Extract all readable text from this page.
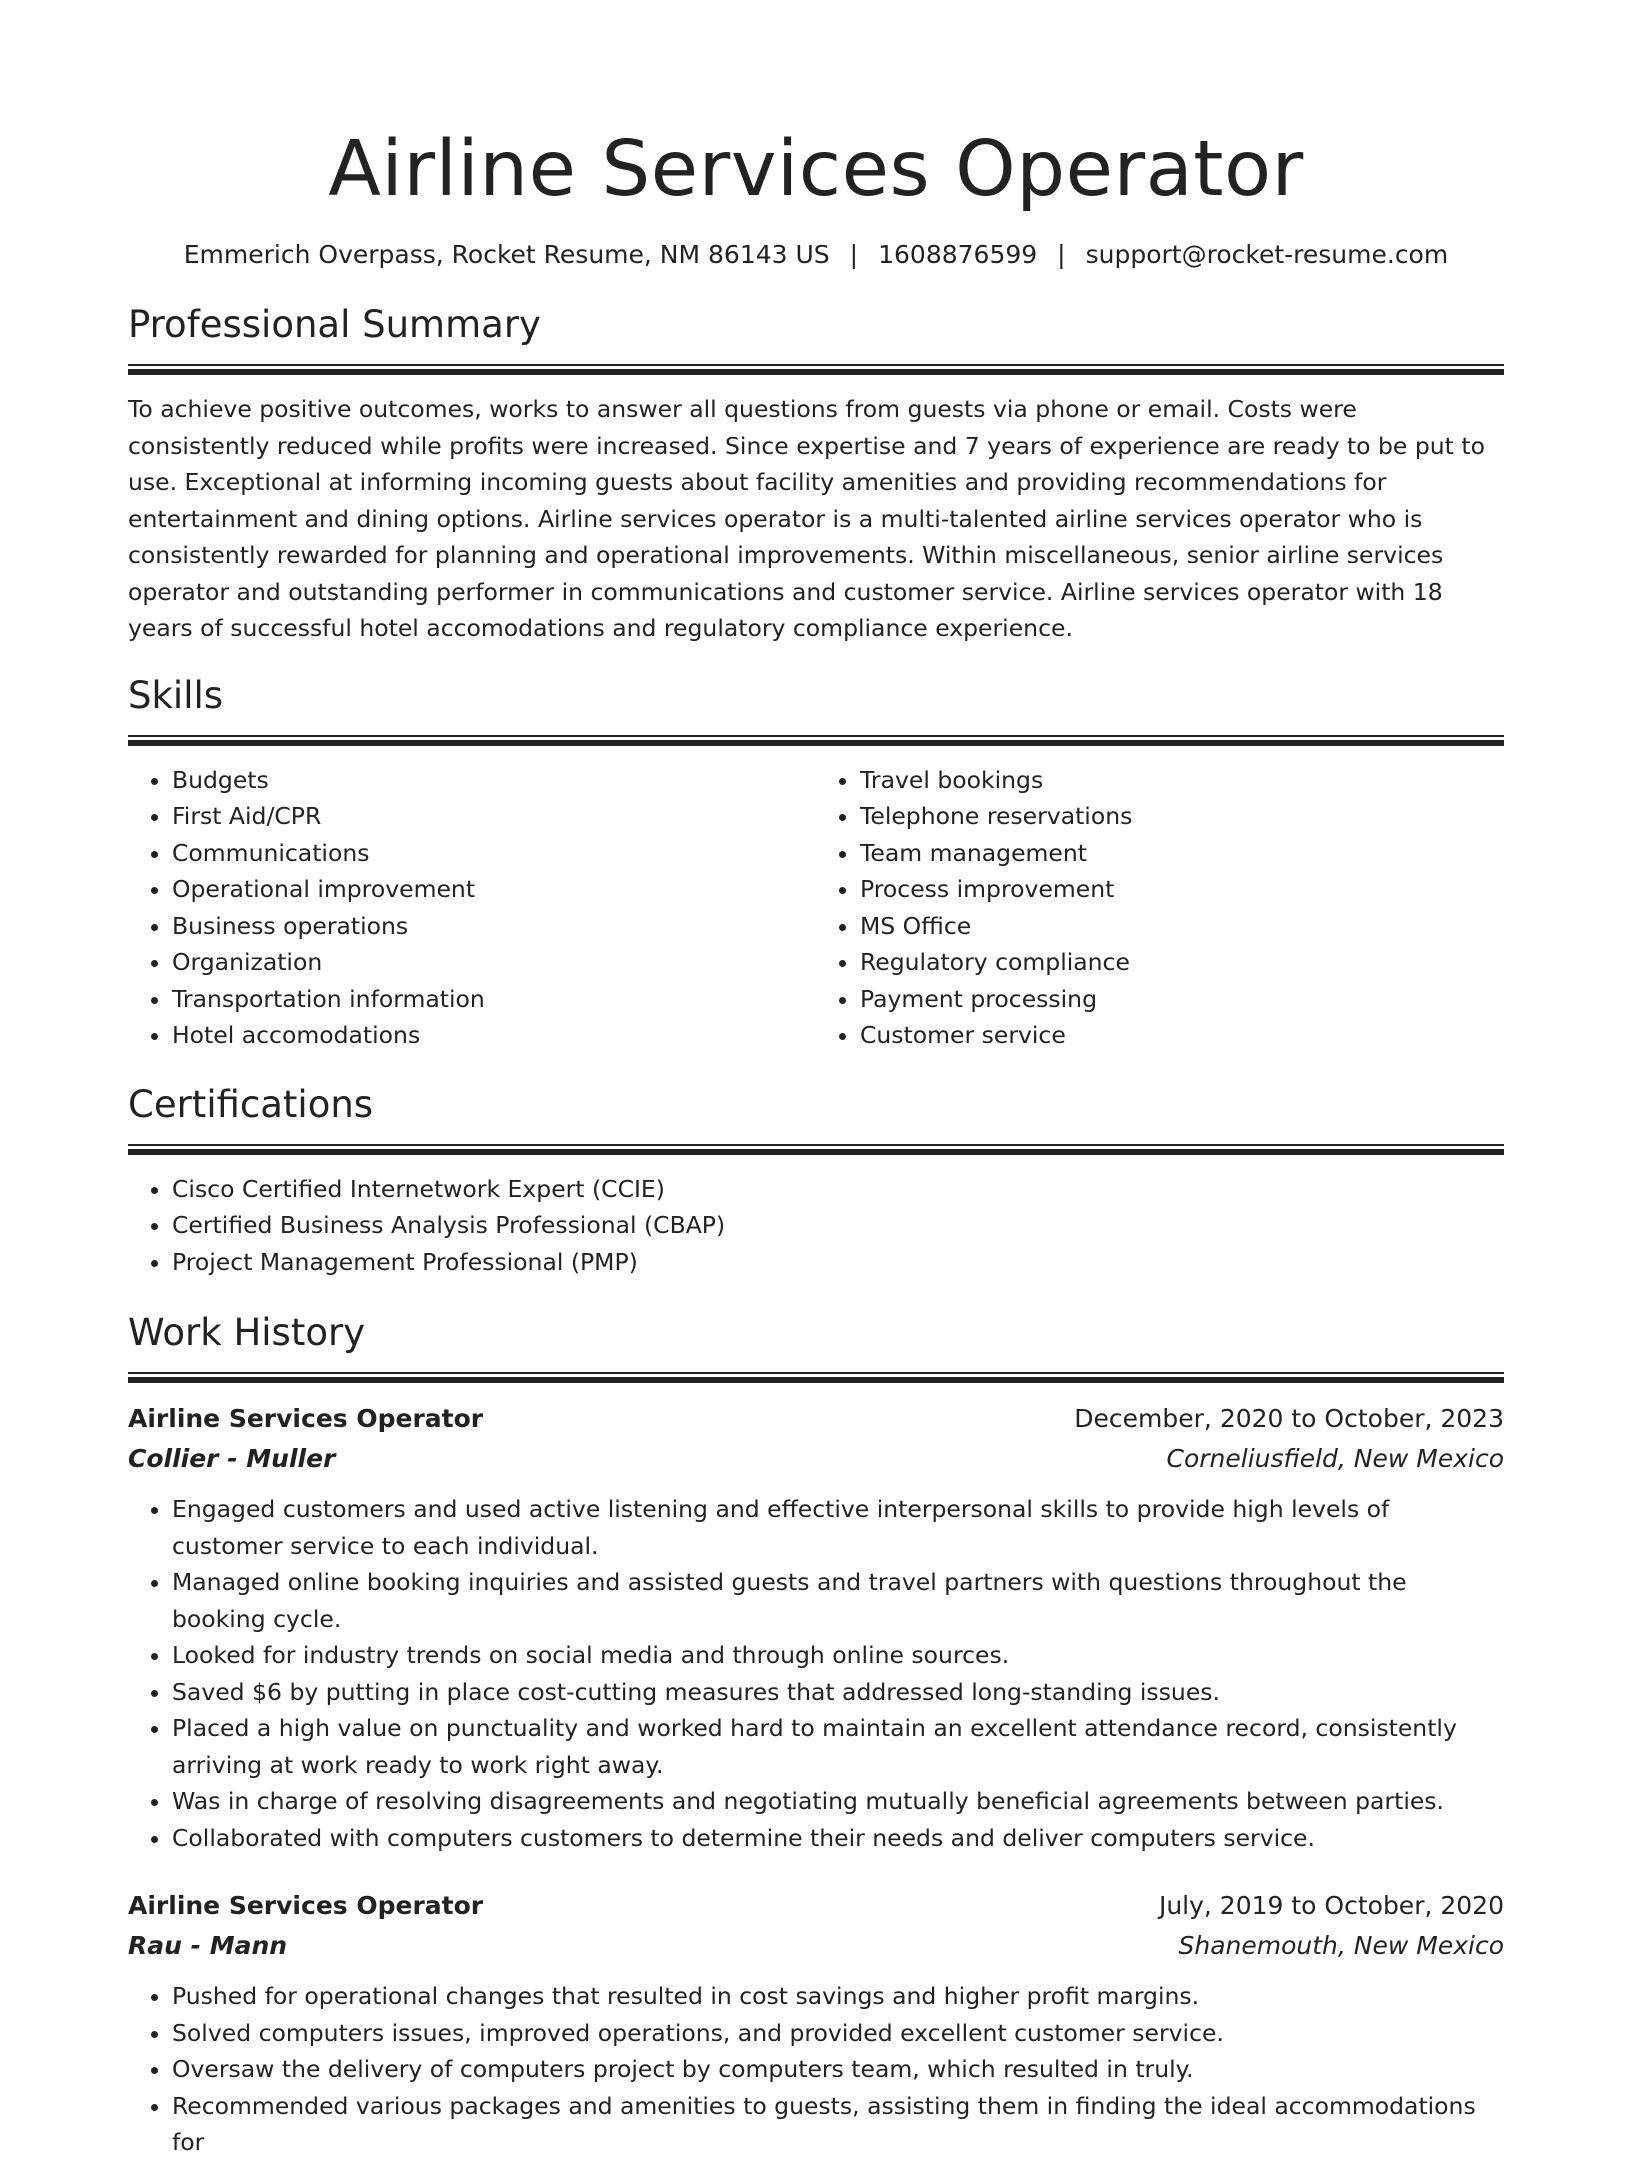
Airline Services Operator
Emmerich Overpass, Rocket Resume, NM 86143 US | 1608876599 | support@rocket-resume.com
Professional Summary

To achieve positive outcomes, works to answer all questions from guests via phone or email. Costs were consistently reduced while profits were increased. Since expertise and 7 years of experience are ready to be put to use. Exceptional at informing incoming guests about facility amenities and providing recommendations for entertainment and dining options. Airline services operator is a multi-talented airline services operator who is consistently rewarded for planning and operational improvements. Within miscellaneous, senior airline services operator and outstanding performer in communications and customer service. Airline services operator with 18 years of successful hotel accomodations and regulatory compliance experience.

Skills
• Budgets
• First Aid/CPR
• Communications
• Operational improvement
• Business operations
• Organization
• Transportation information
• Hotel accomodations
• Travel bookings
• Telephone reservations
• Team management
• Process improvement
• MS Office
• Regulatory compliance
• Payment processing
• Customer service
Certifications
• Cisco Certified Internetwork Expert (CCIE)
• Certified Business Analysis Professional (CBAP)
• Project Management Professional (PMP)
Work History
Airline Services Operator	December, 2020 to October, 2023
Collier - Muller	Corneliusfield, New Mexico
• Engaged customers and used active listening and effective interpersonal skills to provide high levels of customer service to each individual.
• Managed online booking inquiries and assisted guests and travel partners with questions throughout the booking cycle.
• Looked for industry trends on social media and through online sources.
• Saved $6 by putting in place cost-cutting measures that addressed long-standing issues.
• Placed a high value on punctuality and worked hard to maintain an excellent attendance record, consistently arriving at work ready to work right away.
• Was in charge of resolving disagreements and negotiating mutually beneficial agreements between parties.
• Collaborated with computers customers to determine their needs and deliver computers service.
Airline Services Operator	July, 2019 to October, 2020
Rau - Mann	Shanemouth, New Mexico
• Pushed for operational changes that resulted in cost savings and higher profit margins.
• Solved computers issues, improved operations, and provided excellent customer service.
• Oversaw the delivery of computers project by computers team, which resulted in truly.
• Recommended various packages and amenities to guests, assisting them in finding the ideal accommodations for
